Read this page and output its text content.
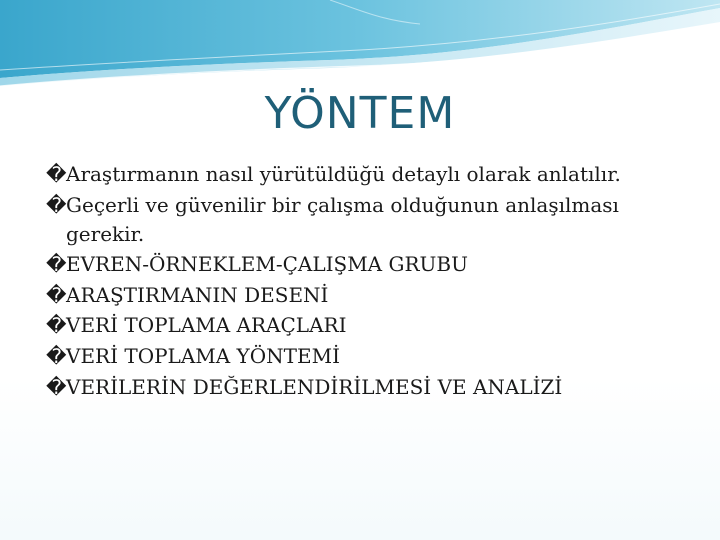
YÖNTEM
� Araştırmanın nasıl yürütüldüğü detaylı olarak anlatılır.
� Geçerli ve güvenilir bir çalışma olduğunun anlaşılması gerekir.
� EVREN-ÖRNEKLEM-ÇALIŞMA GRUBU
� ARAŞTIRMANIN DESENİ
� VERİ TOPLAMA ARAÇLARI
� VERİ TOPLAMA YÖNTEMİ
� VERİLERİN DEĞERLENDİRİLMESİ VE ANALİZİ
